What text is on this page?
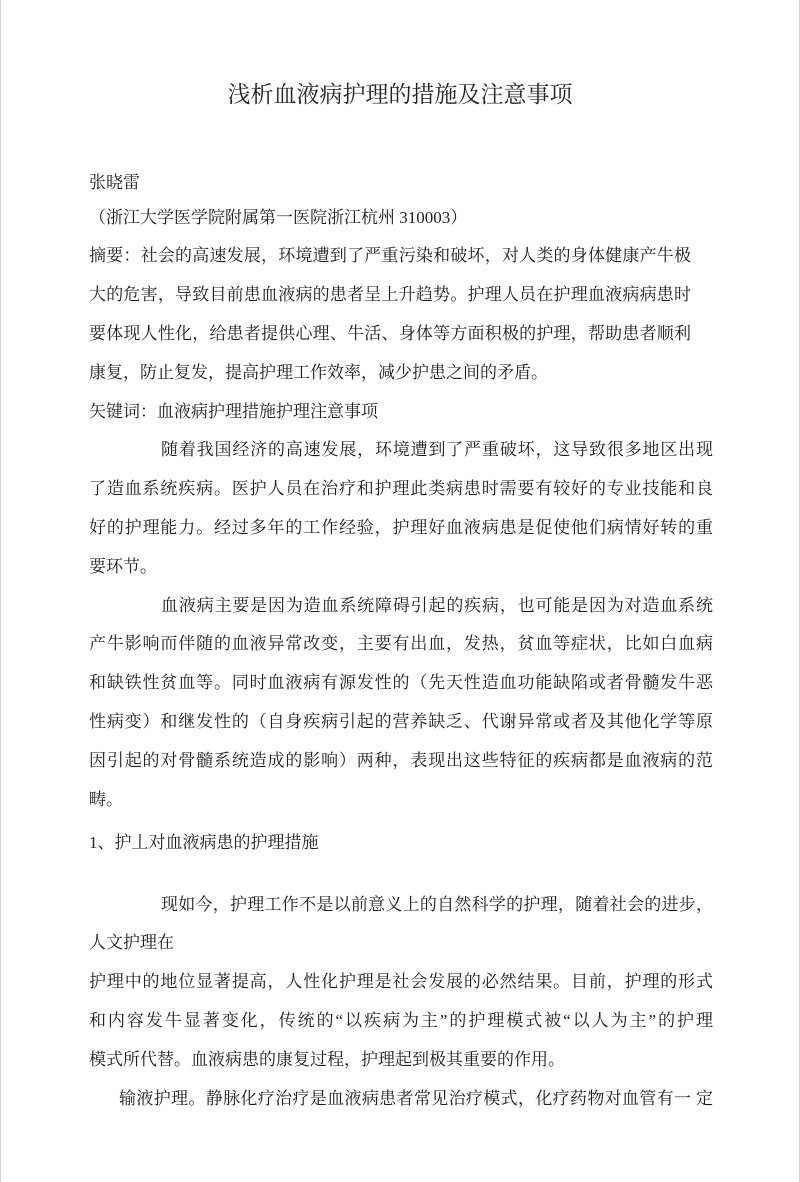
浅析血液病护理的措施及注意事项
张晓雷
（浙江大学医学院附属第一医院浙江杭州 310003）
摘要：社会的高速发展，环境遭到了严重污染和破坏，对人类的身体健康产牛极
大的危害，导致目前患血液病的患者呈上升趋势。护理人员在护理血液病病患时
要体现人性化，给患者提供心理、牛活、身体等方面积极的护理，帮助患者顺利
康复，防止复发，提高护理工作效率，减少护患之间的矛盾。
矢键词：血液病护理措施护理注意事项
随着我国经济的高速发展，环境遭到了严重破坏，这导致很多地区出现
了造血系统疾病。医护人员在治疗和护理此类病患时需要有较好的专业技能和良
好的护理能力。经过多年的工作经验，护理好血液病患是促使他们病情好转的重
要环节。
血液病主要是因为造血系统障碍引起的疾病，也可能是因为对造血系统
产牛影响而伴随的血液异常改变，主要有出血，发热，贫血等症状，比如白血病
和缺铁性贫血等。同时血液病有源发性的（先天性造血功能缺陷或者骨髓发牛恶
性病变）和继发性的（自身疾病引起的营养缺乏、代谢异常或者及其他化学等原
因引起的对骨髓系统造成的影响）两种，表现出这些特征的疾病都是血液病的范
畴。
1、护丄对血液病患的护理措施
现如今，护理工作不是以前意义上的自然科学的护理，随着社会的进步，
人文护理在
护理中的地位显著提高，人性化护理是社会发展的必然结果。目前，护理的形式
和内容发牛显著变化，传统的“以疾病为主”的护理模式被“以人为主”的护理
模式所代替。血液病患的康复过程，护理起到极其重要的作用。
输液护理。静脉化疗治疗是血液病患者常见治疗模式，化疗药物对血管有一 定
